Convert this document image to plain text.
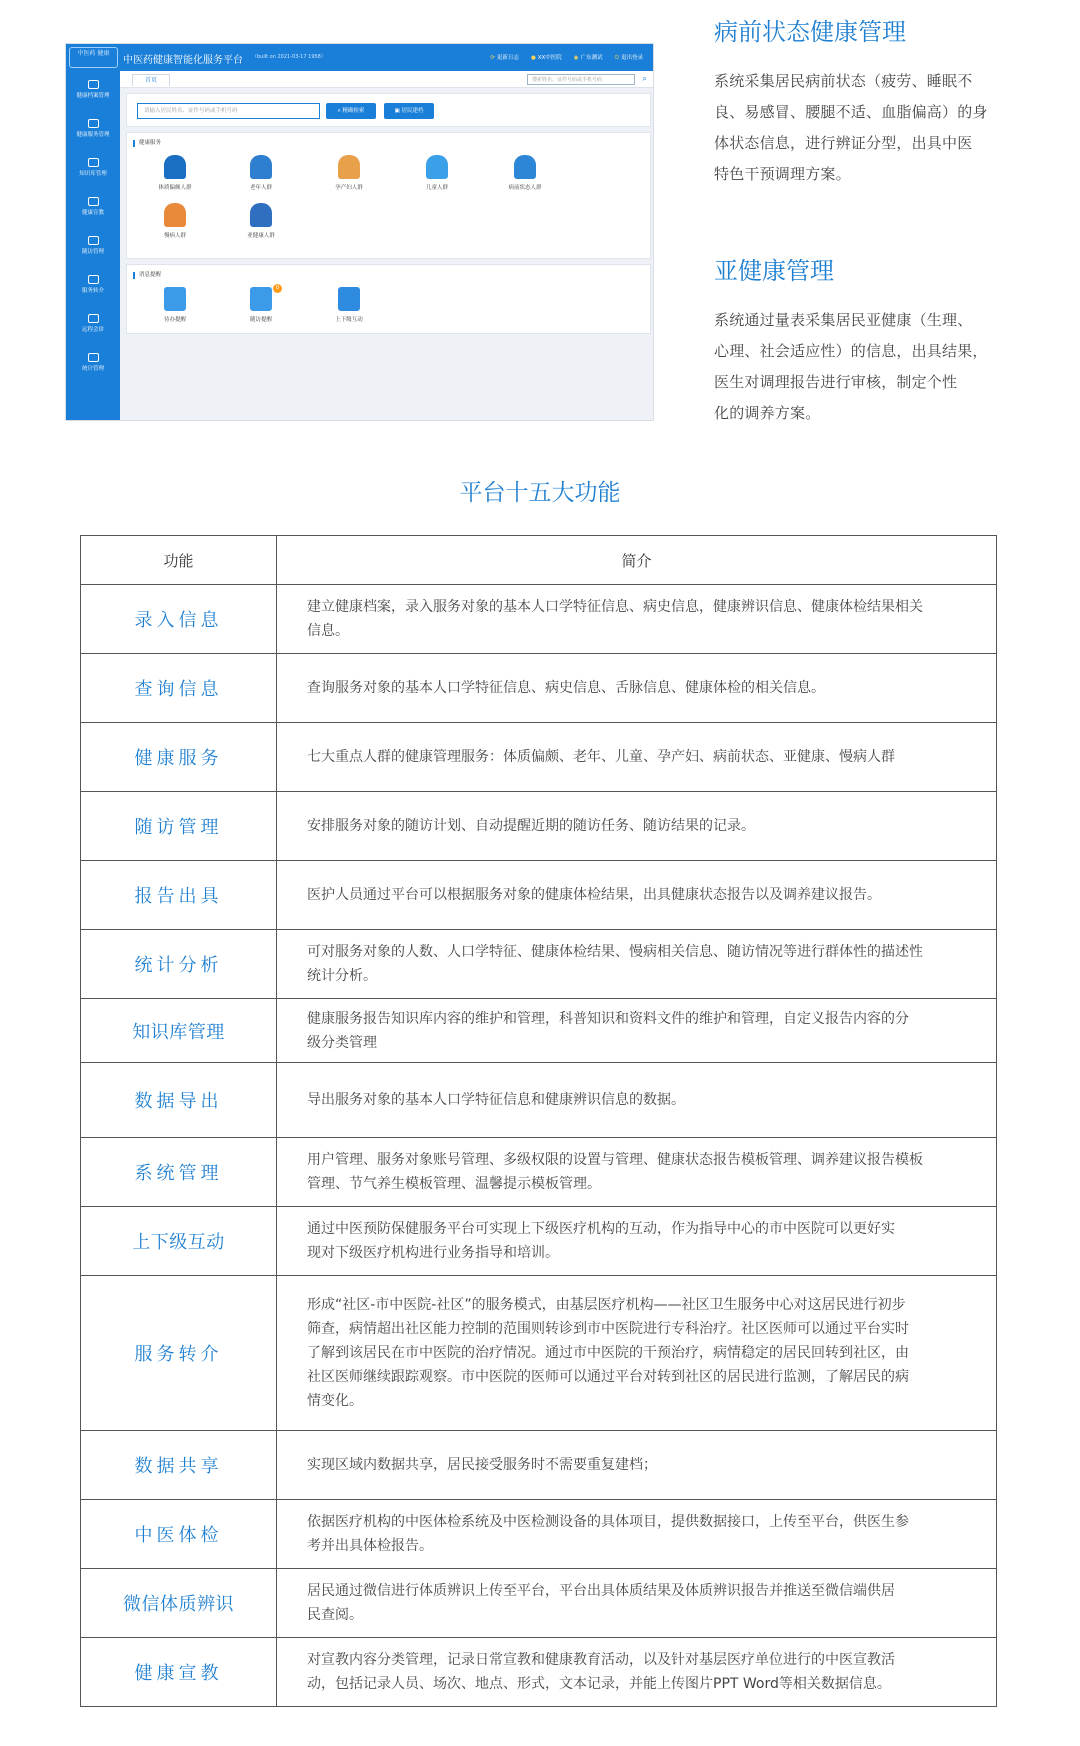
中医药 健康
中医药健康智能化服务平台 （built on 2021-03-17 1958）	⟳ 更新日志 ● XX中医院 ◉ 广东测试 ⏻ 退出登录
健康档案管理
健康服务管理
知识库管理
健康宣教
随访管理
服务转介
远程会诊
统计管理
首页	搜索姓名、证件号码或手机号码	⌕
请输入居民姓名、证件号码或手机号码	⌕ 精确检索	▣ 居民建档
健康服务
体质偏颇人群	老年人群	孕产妇人群	儿童人群	病前状态人群
慢病人群	亚健康人群
消息提醒
待办提醒
0
随访提醒	上下级互动
病前状态健康管理
系统采集居民病前状态（疲劳、睡眠不
良、易感冒、腰腿不适、血脂偏高）的身
体状态信息，进行辨证分型，出具中医
特色干预调理方案。
亚健康管理
系统通过量表采集居民亚健康（生理、
心理、社会适应性）的信息，出具结果，
医生对调理报告进行审核，制定个性
化的调养方案。
平台十五大功能
功能	简介
录入信息	建立健康档案，录入服务对象的基本人口学特征信息、病史信息，健康辨识信息、健康体检结果相关
信息。

查询信息	查询服务对象的基本人口学特征信息、病史信息、舌脉信息、健康体检的相关信息。

健康服务	七大重点人群的健康管理服务：体质偏颇、老年、儿童、孕产妇、病前状态、亚健康、慢病人群

随访管理	安排服务对象的随访计划、自动提醒近期的随访任务、随访结果的记录。

报告出具	医护人员通过平台可以根据服务对象的健康体检结果，出具健康状态报告以及调养建议报告。

统计分析	可对服务对象的人数、人口学特征、健康体检结果、慢病相关信息、随访情况等进行群体性的描述性
统计分析。

知识库管理	健康服务报告知识库内容的维护和管理，科普知识和资料文件的维护和管理，自定义报告内容的分
级分类管理

数据导出	导出服务对象的基本人口学特征信息和健康辨识信息的数据。

系统管理	用户管理、服务对象账号管理、多级权限的设置与管理、健康状态报告模板管理、调养建议报告模板
管理、节气养生模板管理、温馨提示模板管理。

上下级互动	通过中医预防保健服务平台可实现上下级医疗机构的互动，作为指导中心的市中医院可以更好实
现对下级医疗机构进行业务指导和培训。

服务转介	形成“社区-市中医院-社区”的服务模式，由基层医疗机构——社区卫生服务中心对这居民进行初步
筛查，病情超出社区能力控制的范围则转诊到市中医院进行专科治疗。社区医师可以通过平台实时
了解到该居民在市中医院的治疗情况。通过市中医院的干预治疗，病情稳定的居民回转到社区，由
社区医师继续跟踪观察。市中医院的医师可以通过平台对转到社区的居民进行监测，了解居民的病
情变化。

数据共享	实现区域内数据共享，居民接受服务时不需要重复建档；

中医体检	依据医疗机构的中医体检系统及中医检测设备的具体项目，提供数据接口，上传至平台，供医生参
考并出具体检报告。

微信体质辨识	居民通过微信进行体质辨识上传至平台，平台出具体质结果及体质辨识报告并推送至微信端供居
民查阅。

健康宣教	对宣教内容分类管理，记录日常宣教和健康教育活动，以及针对基层医疗单位进行的中医宣教活
动，包括记录人员、场次、地点、形式，文本记录，并能上传图片PPT Word等相关数据信息。
